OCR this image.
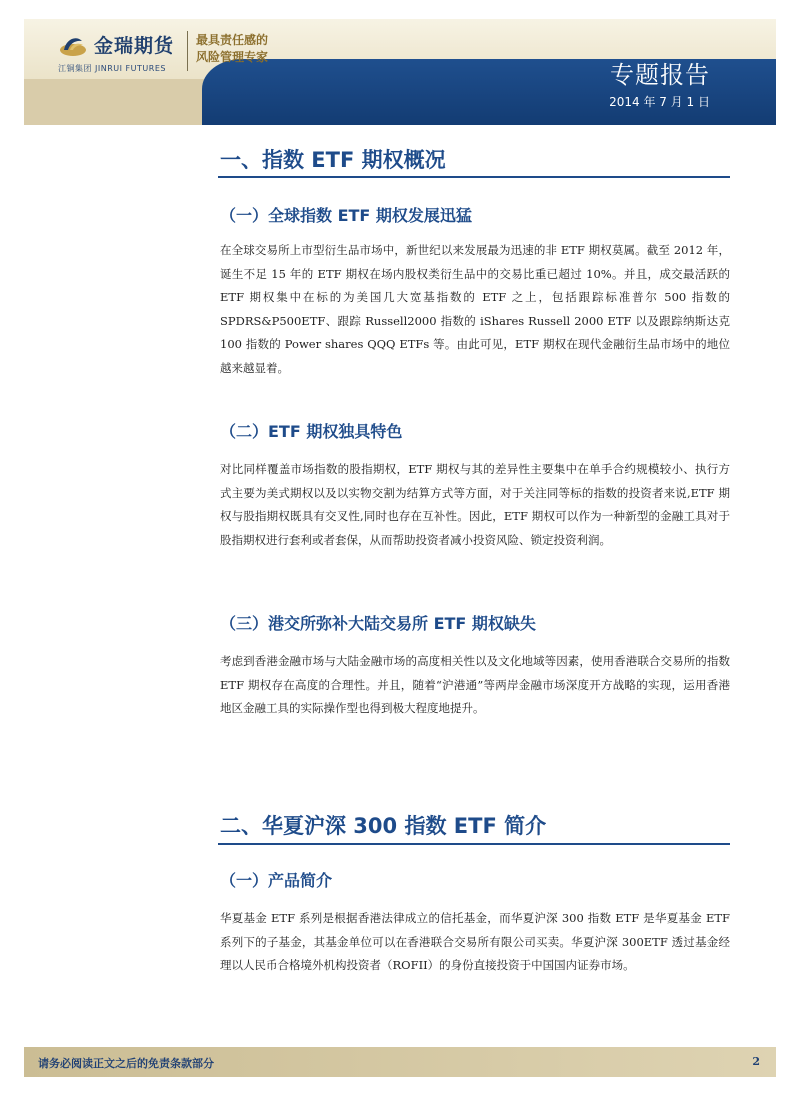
金瑞期货
江铜集团 JINRUI FUTURES
最具责任感的
风险管理专家
专题报告
2014 年 7 月 1 日
一、指数 ETF 期权概况
（一）全球指数 ETF 期权发展迅猛
在全球交易所上市型衍生品市场中，新世纪以来发展最为迅速的非 ETF 期权莫属。截至 2012 年，诞生不足 15 年的 ETF 期权在场内股权类衍生品中的交易比重已超过 10%。并且，成交最活跃的 ETF 期权集中在标的为美国几大宽基指数的 ETF 之上，包括跟踪标准普尔 500 指数的 SPDRS&P500ETF、跟踪 Russell2000 指数的 iShares Russell 2000 ETF 以及跟踪纳斯达克 100 指数的 Power shares QQQ ETFs 等。由此可见，ETF 期权在现代金融衍生品市场中的地位越来越显着。
（二）ETF 期权独具特色
对比同样覆盖市场指数的股指期权，ETF 期权与其的差异性主要集中在单手合约规模较小、执行方式主要为美式期权以及以实物交割为结算方式等方面，对于关注同等标的指数的投资者来说,ETF 期权与股指期权既具有交叉性,同时也存在互补性。因此，ETF 期权可以作为一种新型的金融工具对于股指期权进行套利或者套保，从而帮助投资者减小投资风险、锁定投资利润。
（三）港交所弥补大陆交易所 ETF 期权缺失
考虑到香港金融市场与大陆金融市场的高度相关性以及文化地域等因素，使用香港联合交易所的指数 ETF 期权存在高度的合理性。并且，随着“沪港通”等两岸金融市场深度开方战略的实现，运用香港地区金融工具的实际操作型也得到极大程度地提升。
二、华夏沪深 300 指数 ETF 简介
（一）产品简介
华夏基金 ETF 系列是根据香港法律成立的信托基金，而华夏沪深 300 指数 ETF 是华夏基金 ETF 系列下的子基金，其基金单位可以在香港联合交易所有限公司买卖。华夏沪深 300ETF 透过基金经理以人民币合格境外机构投资者（ROFII）的身份直接投资于中国国内证券市场。
请务必阅读正文之后的免责条款部分	2
